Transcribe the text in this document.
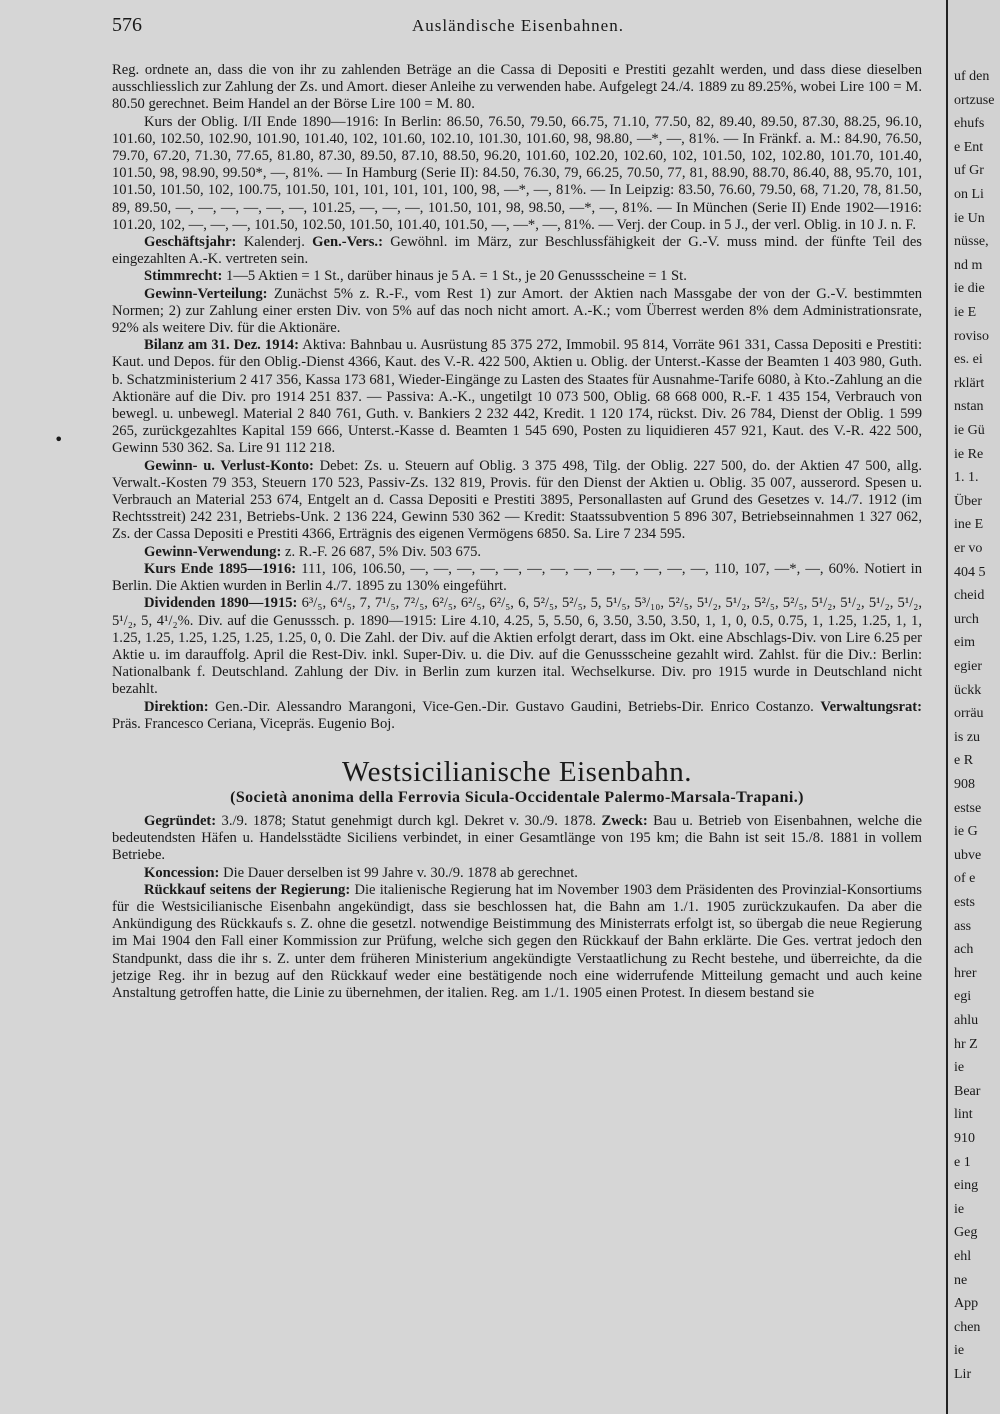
576	Ausländische Eisenbahnen.
•

Reg. ordnete an, dass die von ihr zu zahlenden Beträge an die Cassa di Depositi e Prestiti gezahlt werden, und dass diese dieselben ausschliesslich zur Zahlung der Zs. und Amort. dieser Anleihe zu verwenden habe. Aufgelegt 24./4. 1889 zu 89.25%, wobei Lire 100 = M. 80.50 gerechnet. Beim Handel an der Börse Lire 100 = M. 80.

Kurs der Oblig. I/II Ende 1890—1916: In Berlin: 86.50, 76.50, 79.50, 66.75, 71.10, 77.50, 82, 89.40, 89.50, 87.30, 88.25, 96.10, 101.60, 102.50, 102.90, 101.90, 101.40, 102, 101.60, 102.10, 101.30, 101.60, 98, 98.80, —*, —, 81%. — In Fränkf. a. M.: 84.90, 76.50, 79.70, 67.20, 71.30, 77.65, 81.80, 87.30, 89.50, 87.10, 88.50, 96.20, 101.60, 102.20, 102.60, 102, 101.50, 102, 102.80, 101.70, 101.40, 101.50, 98, 98.90, 99.50*, —, 81%. — In Hamburg (Serie II): 84.50, 76.30, 79, 66.25, 70.50, 77, 81, 88.90, 88.70, 86.40, 88, 95.70, 101, 101.50, 101.50, 102, 100.75, 101.50, 101, 101, 101, 101, 100, 98, —*, —, 81%. — In Leipzig: 83.50, 76.60, 79.50, 68, 71.20, 78, 81.50, 89, 89.50, —, —, —, —, —, —, 101.25, —, —, —, 101.50, 101, 98, 98.50, —*, —, 81%. — In München (Serie II) Ende 1902—1916: 101.20, 102, —, —, —, 101.50, 102.50, 101.50, 101.40, 101.50, —, —*, —, 81%. — Verj. der Coup. in 5 J., der verl. Oblig. in 10 J. n. F.

Geschäftsjahr: Kalenderj. Gen.-Vers.: Gewöhnl. im März, zur Beschlussfähigkeit der G.-V. muss mind. der fünfte Teil des eingezahlten A.-K. vertreten sein.

Stimmrecht: 1—5 Aktien = 1 St., darüber hinaus je 5 A. = 1 St., je 20 Genussscheine = 1 St.

Gewinn-Verteilung: Zunächst 5% z. R.-F., vom Rest 1) zur Amort. der Aktien nach Massgabe der von der G.-V. bestimmten Normen; 2) zur Zahlung einer ersten Div. von 5% auf das noch nicht amort. A.-K.; vom Überrest werden 8% dem Administrationsrate, 92% als weitere Div. für die Aktionäre.

Bilanz am 31. Dez. 1914: Aktiva: Bahnbau u. Ausrüstung 85 375 272, Immobil. 95 814, Vorräte 961 331, Cassa Depositi e Prestiti: Kaut. und Depos. für den Oblig.-Dienst 4366, Kaut. des V.-R. 422 500, Aktien u. Oblig. der Unterst.-Kasse der Beamten 1 403 980, Guth. b. Schatzministerium 2 417 356, Kassa 173 681, Wieder-Eingänge zu Lasten des Staates für Ausnahme-Tarife 6080, à Kto.-Zahlung an die Aktionäre auf die Div. pro 1914 251 837. — Passiva: A.-K., ungetilgt 10 073 500, Oblig. 68 668 000, R.-F. 1 435 154, Verbrauch von bewegl. u. unbewegl. Material 2 840 761, Guth. v. Bankiers 2 232 442, Kredit. 1 120 174, rückst. Div. 26 784, Dienst der Oblig. 1 599 265, zurückgezahltes Kapital 159 666, Unterst.-Kasse d. Beamten 1 545 690, Posten zu liquidieren 457 921, Kaut. des V.-R. 422 500, Gewinn 530 362. Sa. Lire 91 112 218.

Gewinn- u. Verlust-Konto: Debet: Zs. u. Steuern auf Oblig. 3 375 498, Tilg. der Oblig. 227 500, do. der Aktien 47 500, allg. Verwalt.-Kosten 79 353, Steuern 170 523, Passiv-Zs. 132 819, Provis. für den Dienst der Aktien u. Oblig. 35 007, ausserord. Spesen u. Verbrauch an Material 253 674, Entgelt an d. Cassa Depositi e Prestiti 3895, Personallasten auf Grund des Gesetzes v. 14./7. 1912 (im Rechtsstreit) 242 231, Betriebs-Unk. 2 136 224, Gewinn 530 362 — Kredit: Staatssubvention 5 896 307, Betriebseinnahmen 1 327 062, Zs. der Cassa Depositi e Prestiti 4366, Erträgnis des eigenen Vermögens 6850. Sa. Lire 7 234 595.

Gewinn-Verwendung: z. R.-F. 26 687, 5% Div. 503 675.

Kurs Ende 1895—1916: 111, 106, 106.50, —, —, —, —, —, —, —, —, —, —, —, —, —, 110, 107, —*, —, 60%. Notiert in Berlin. Die Aktien wurden in Berlin 4./7. 1895 zu 130% eingeführt.

Dividenden 1890—1915: 6³/₅, 6⁴/₅, 7, 7¹/₅, 7²/₅, 6²/₅, 6²/₅, 6²/₅, 6, 5²/₅, 5²/₅, 5, 5¹/₅, 5³/₁₀, 5²/₅, 5¹/₂, 5¹/₂, 5²/₅, 5²/₅, 5¹/₂, 5¹/₂, 5¹/₂, 5¹/₂, 5¹/₂, 5, 4¹/₂%. Div. auf die Genusssch. p. 1890—1915: Lire 4.10, 4.25, 5, 5.50, 6, 3.50, 3.50, 3.50, 1, 1, 0, 0.5, 0.75, 1, 1.25, 1.25, 1, 1, 1.25, 1.25, 1.25, 1.25, 1.25, 1.25, 0, 0. Die Zahl. der Div. auf die Aktien erfolgt derart, dass im Okt. eine Abschlags-Div. von Lire 6.25 per Aktie u. im darauffolg. April die Rest-Div. inkl. Super-Div. u. die Div. auf die Genussscheine gezahlt wird. Zahlst. für die Div.: Berlin: Nationalbank f. Deutschland. Zahlung der Div. in Berlin zum kurzen ital. Wechselkurse. Div. pro 1915 wurde in Deutschland nicht bezahlt.

Direktion: Gen.-Dir. Alessandro Marangoni, Vice-Gen.-Dir. Gustavo Gaudini, Betriebs-Dir. Enrico Costanzo. Verwaltungsrat: Präs. Francesco Ceriana, Vicepräs. Eugenio Boj.

Westsicilianische Eisenbahn.
(Società anonima della Ferrovia Sicula-Occidentale Palermo-Marsala-Trapani.)

Gegründet: 3./9. 1878; Statut genehmigt durch kgl. Dekret v. 30./9. 1878. Zweck: Bau u. Betrieb von Eisenbahnen, welche die bedeutendsten Häfen u. Handelsstädte Siciliens verbindet, in einer Gesamtlänge von 195 km; die Bahn ist seit 15./8. 1881 in vollem Betriebe.

Koncession: Die Dauer derselben ist 99 Jahre v. 30./9. 1878 ab gerechnet.

Rückkauf seitens der Regierung: Die italienische Regierung hat im November 1903 dem Präsidenten des Provinzial-Konsortiums für die Westsicilianische Eisenbahn angekündigt, dass sie beschlossen hat, die Bahn am 1./1. 1905 zurückzukaufen. Da aber die Ankündigung des Rückkaufs s. Z. ohne die gesetzl. notwendige Beistimmung des Ministerrats erfolgt ist, so übergab die neue Regierung im Mai 1904 den Fall einer Kommission zur Prüfung, welche sich gegen den Rückkauf der Bahn erklärte. Die Ges. vertrat jedoch den Standpunkt, dass die ihr s. Z. unter dem früheren Ministerium angekündigte Verstaatlichung zu Recht bestehe, und überreichte, da die jetzige Reg. ihr in bezug auf den Rückkauf weder eine bestätigende noch eine widerrufende Mitteilung gemacht und auch keine Anstaltung getroffen hatte, die Linie zu übernehmen, der italien. Reg. am 1./1. 1905 einen Protest. In diesem bestand sie

uf den
ortzuse
ehufs
e Ent
uf Gr
on Li
ie Un
nüsse,
nd m
ie die
ie E
roviso
es. ei
rklärt
nstan
ie Gü
ie Re
1. 1.
Über
ine E
er vo
404 5
cheid
urch
eim
egier
ückk
orräu
is zu
e R
908
estse
ie G
ubve
of e
ests
ass
ach
hrer
egi
ahlu
hr Z
ie
Bear
lint
910
e 1
eing
ie
Geg
ehl
ne
App
chen
ie
Lir
